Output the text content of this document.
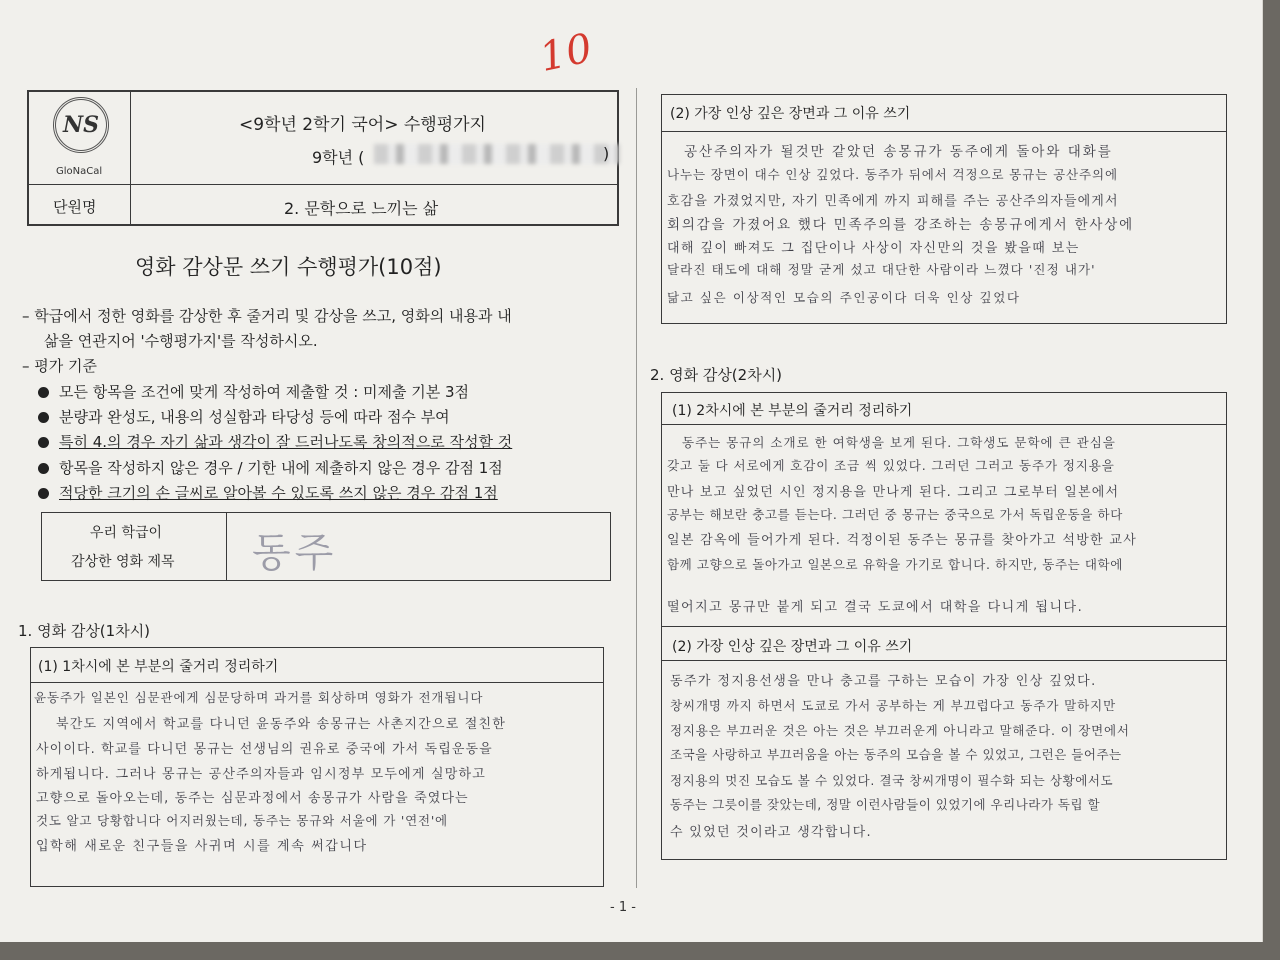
10
NS
GloNaCal
<9학년 2학기 국어> 수행평가지
9학년 (	)
단원명	2. 문학으로 느끼는 삶
영화 감상문 쓰기 수행평가(10점)
– 학급에서 정한 영화를 감상한 후 줄거리 및 감상을 쓰고, 영화의 내용과 내
삶을 연관지어 '수행평가지'를 작성하시오.
– 평가 기준
모든 항목을 조건에 맞게 작성하여 제출할 것 : 미제출 기본 3점
분량과 완성도, 내용의 성실함과 타당성 등에 따라 점수 부여
특히 4.의 경우 자기 삶과 생각이 잘 드러나도록 창의적으로 작성할 것
항목을 작성하지 않은 경우 / 기한 내에 제출하지 않은 경우 감점 1점
적당한 크기의 손 글씨로 알아볼 수 있도록 쓰지 않은 경우 감점 1점
우리 학급이
감상한 영화 제목 동주
1. 영화 감상(1차시)
(1) 1차시에 본 부분의 줄거리 정리하기
윤동주가 일본인 심문관에게 심문당하며 과거를 회상하며 영화가 전개됩니다
북간도 지역에서 학교를 다니던 윤동주와 송몽규는 사촌지간으로 절친한
사이이다. 학교를 다니던 몽규는 선생님의 권유로 중국에 가서 독립운동을
하게됩니다. 그러나 몽규는 공산주의자들과 임시정부 모두에게 실망하고
고향으로 돌아오는데, 동주는 심문과정에서 송몽규가 사람을 죽였다는
것도 알고 당황합니다 어지러웠는데, 동주는 몽규와 서울에 가 '연전'에
입학해 새로운 친구들을 사귀며 시를 계속 써갑니다
(2) 가장 인상 깊은 장면과 그 이유 쓰기
공산주의자가 될것만 같았던 송몽규가 동주에게 돌아와 대화를
나누는 장면이 대수 인상 깊었다. 동주가 뒤에서 걱정으로 몽규는 공산주의에
호감을 가졌었지만, 자기 민족에게 까지 피해를 주는 공산주의자들에게서
회의감을 가졌어요 했다 민족주의를 강조하는 송몽규에게서 한사상에
대해 깊이 빠져도 그 집단이나 사상이 자신만의 것을 봤을때 보는
달라진 태도에 대해 정말 굳게 섰고 대단한 사람이라 느꼈다 '진정 내가'
닮고 싶은 이상적인 모습의 주인공이다 더욱 인상 깊었다
2. 영화 감상(2차시)
(1) 2차시에 본 부분의 줄거리 정리하기
동주는 몽규의 소개로 한 여학생을 보게 된다. 그학생도 문학에 큰 관심을
갖고 둘 다 서로에게 호감이 조금 씩 있었다. 그러던 그러고 동주가 정지용을
만나 보고 싶었던 시인 정지용을 만나게 된다. 그리고 그로부터 일본에서
공부는 해보란 충고를 듣는다. 그러던 중 몽규는 중국으로 가서 독립운동을 하다
일본 감옥에 들어가게 된다. 걱정이된 동주는 몽규를 찾아가고 석방한 교사
함께 고향으로 돌아가고 일본으로 유학을 가기로 합니다. 하지만, 동주는 대학에
떨어지고 몽규만 붙게 되고 결국 도쿄에서 대학을 다니게 됩니다.
(2) 가장 인상 깊은 장면과 그 이유 쓰기
동주가 정지용선생을 만나 충고를 구하는 모습이 가장 인상 깊었다.
창씨개명 까지 하면서 도쿄로 가서 공부하는 게 부끄럽다고 동주가 말하지만
정지용은 부끄러운 것은 아는 것은 부끄러운게 아니라고 말해준다. 이 장면에서
조국을 사랑하고 부끄러움을 아는 동주의 모습을 볼 수 있었고, 그런은 들어주는
정지용의 멋진 모습도 볼 수 있었다. 결국 창씨개명이 필수화 되는 상황에서도
동주는 그릇이를 잦았는데, 정말 이런사람들이 있었기에 우리나라가 독립 할
수 있었던 것이라고 생각합니다.
- 1 -
